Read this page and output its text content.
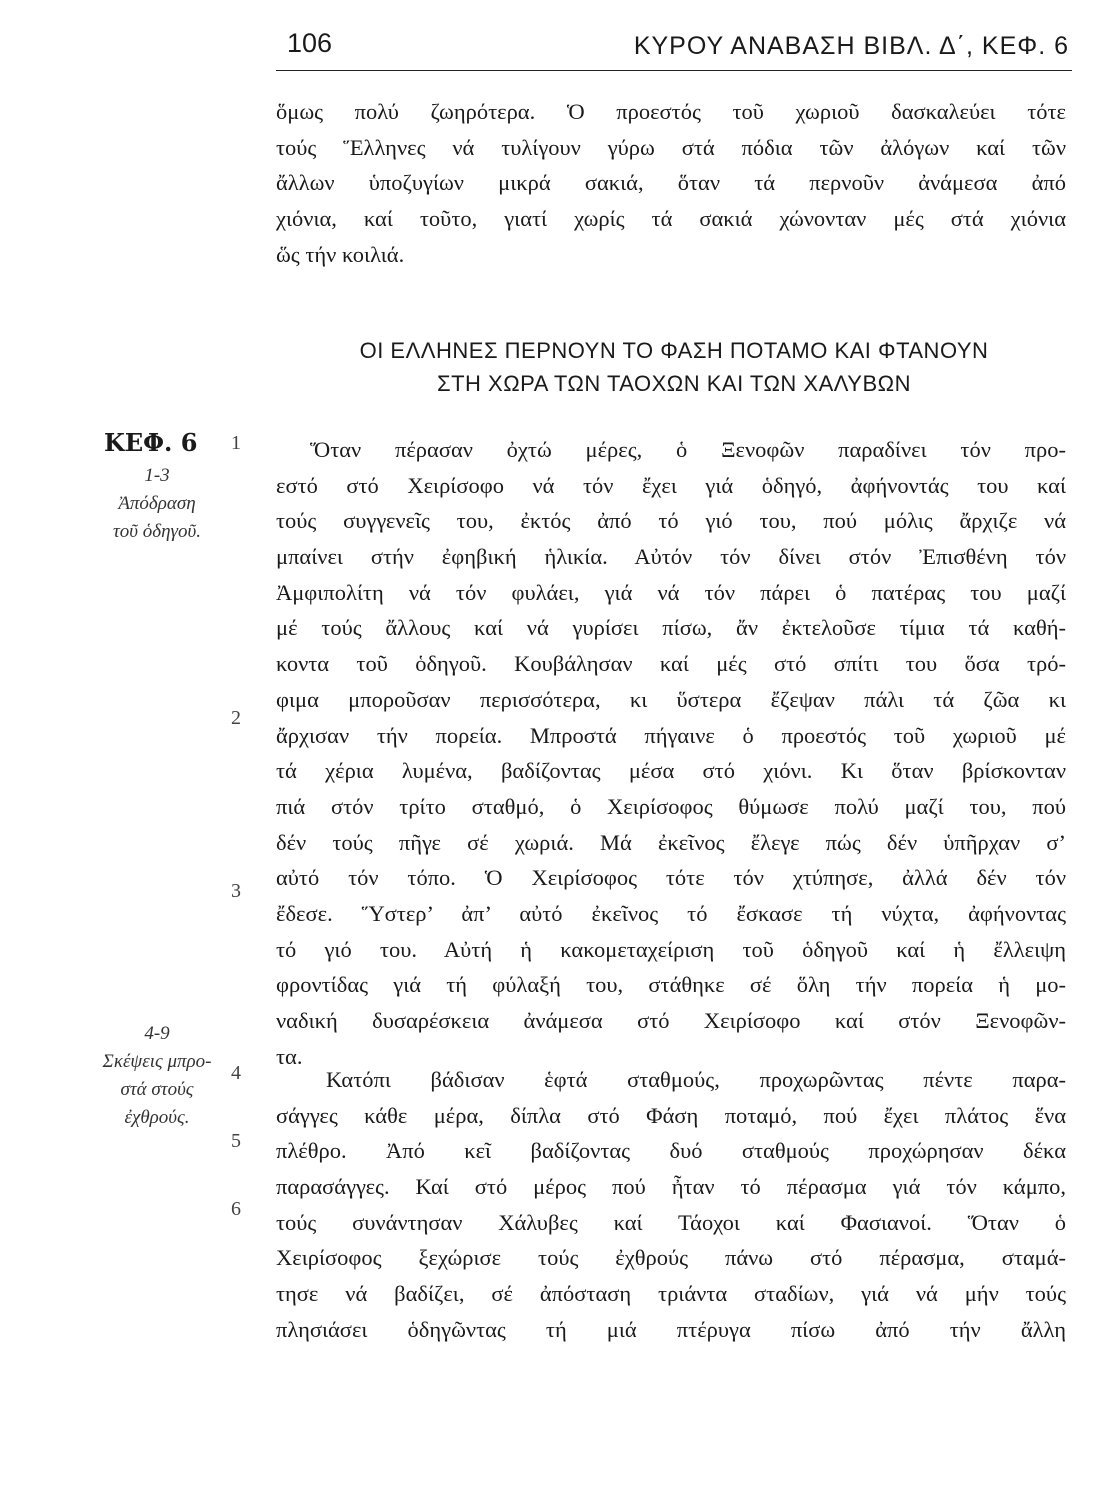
106	ΚΥΡΟΥ ΑΝΑΒΑΣΗ ΒΙΒΛ. Δ΄, ΚΕΦ. 6
ὅμως πολύ ζωηρότερα. Ὁ προεστός τοῦ χωριοῦ δασκαλεύει τότε
τούς Ἕλληνες νά τυλίγουν γύρω στά πόδια τῶν ἀλόγων καί τῶν
ἄλλων ὑποζυγίων μικρά σακιά, ὅταν τά περνοῦν ἀνάμεσα ἀπό
χιόνια, καί τοῦτο, γιατί χωρίς τά σακιά χώνονταν μές στά χιόνια
ὥς τήν κοιλιά.
ΟΙ ΕΛΛΗΝΕΣ ΠΕΡΝΟΥΝ ΤΟ ΦΑΣΗ ΠΟΤΑΜΟ ΚΑΙ ΦΤΑΝΟΥΝ
ΣΤΗ ΧΩΡΑ ΤΩΝ ΤΑΟΧΩΝ ΚΑΙ ΤΩΝ ΧΑΛΥΒΩΝ
ΚΕΦ. 6
1-3
Ἀπόδραση
τοῦ ὁδηγοῦ.
4-9
Σκέψεις μπρο-
στά στούς
ἐχθρούς.
1
2
3
4
5
6
Ὅταν πέρασαν ὀχτώ μέρες, ὁ Ξενοφῶν παραδίνει τόν προ-
εστό στό Χειρίσοφο νά τόν ἔχει γιά ὁδηγό, ἀφήνοντάς του καί
τούς συγγενεῖς του, ἐκτός ἀπό τό γιό του, πού μόλις ἄρχιζε νά
μπαίνει στήν ἐφηβική ἡλικία. Αὐτόν τόν δίνει στόν Ἐπισθένη τόν
Ἀμφιπολίτη νά τόν φυλάει, γιά νά τόν πάρει ὁ πατέρας του μαζί
μέ τούς ἄλλους καί νά γυρίσει πίσω, ἄν ἐκτελοῦσε τίμια τά καθή-
κοντα τοῦ ὁδηγοῦ. Κουβάλησαν καί μές στό σπίτι του ὅσα τρό-
φιμα μποροῦσαν περισσότερα, κι ὕστερα ἔζεψαν πάλι τά ζῶα κι
ἄρχισαν τήν πορεία. Μπροστά πήγαινε ὁ προεστός τοῦ χωριοῦ μέ
τά χέρια λυμένα, βαδίζοντας μέσα στό χιόνι. Κι ὅταν βρίσκονταν
πιά στόν τρίτο σταθμό, ὁ Χειρίσοφος θύμωσε πολύ μαζί του, πού
δέν τούς πῆγε σέ χωριά. Μά ἐκεῖνος ἔλεγε πώς δέν ὑπῆρχαν σ’
αὐτό τόν τόπο. Ὁ Χειρίσοφος τότε τόν χτύπησε, ἀλλά δέν τόν
ἔδεσε. Ὕστερ’ ἀπ’ αὐτό ἐκεῖνος τό ἔσκασε τή νύχτα, ἀφήνοντας
τό γιό του. Αὐτή ἡ κακομεταχείριση τοῦ ὁδηγοῦ καί ἡ ἔλλειψη
φροντίδας γιά τή φύλαξή του, στάθηκε σέ ὅλη τήν πορεία ἡ μο-
ναδική δυσαρέσκεια ἀνάμεσα στό Χειρίσοφο καί στόν Ξενοφῶν-
τα.
Κατόπι βάδισαν ἑφτά σταθμούς, προχωρῶντας πέντε παρα-
σάγγες κάθε μέρα, δίπλα στό Φάση ποταμό, πού ἔχει πλάτος ἕνα
πλέθρο. Ἀπό κεῖ βαδίζοντας δυό σταθμούς προχώρησαν δέκα
παρασάγγες. Καί στό μέρος πού ἦταν τό πέρασμα γιά τόν κάμπο,
τούς συνάντησαν Χάλυβες καί Τάοχοι καί Φασιανοί. Ὅταν ὁ
Χειρίσοφος ξεχώρισε τούς ἐχθρούς πάνω στό πέρασμα, σταμά-
τησε νά βαδίζει, σέ ἀπόσταση τριάντα σταδίων, γιά νά μήν τούς
πλησιάσει ὁδηγῶντας τή μιά πτέρυγα πίσω ἀπό τήν ἄλλη
